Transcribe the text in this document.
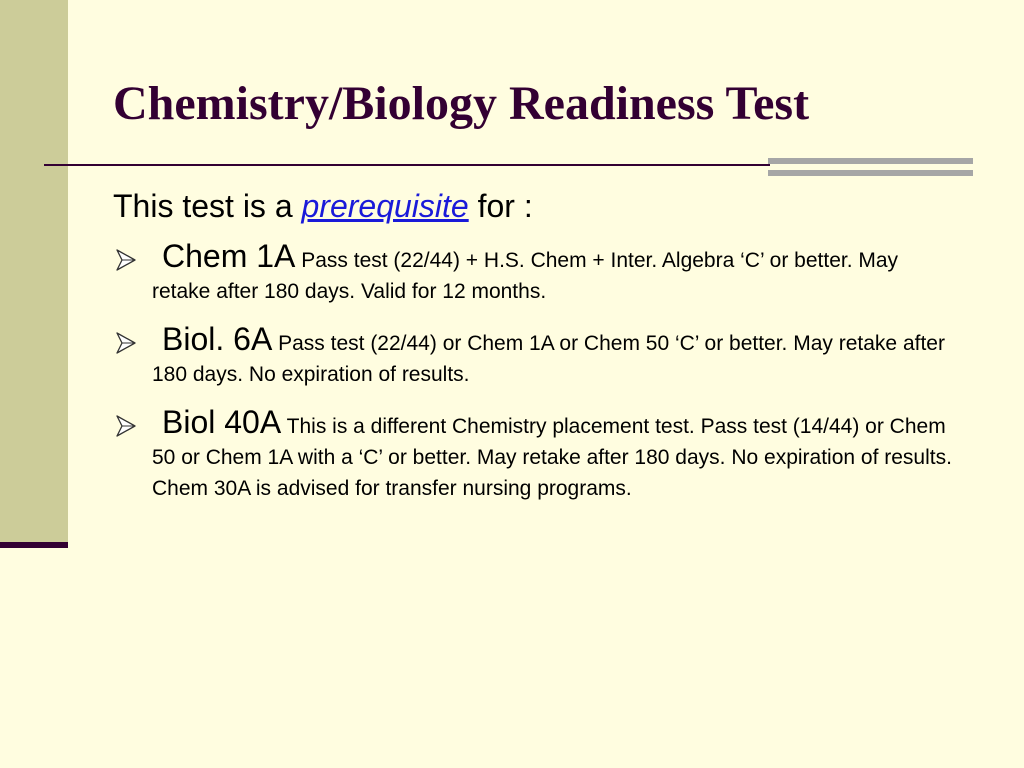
Chemistry/Biology Readiness Test

This test is a prerequisite for :

Chem 1A Pass test (22/44) + H.S. Chem + Inter. Algebra ‘C’ or better. May retake after 180 days. Valid for 12 months.
Biol. 6A Pass test (22/44) or Chem 1A or Chem 50 ‘C’ or better. May retake after 180 days. No expiration of results.
Biol 40A This is a different Chemistry placement test. Pass test (14/44) or Chem 50 or Chem 1A with a ‘C’ or better. May retake after 180 days. No expiration of results. Chem 30A is advised for transfer nursing programs.
